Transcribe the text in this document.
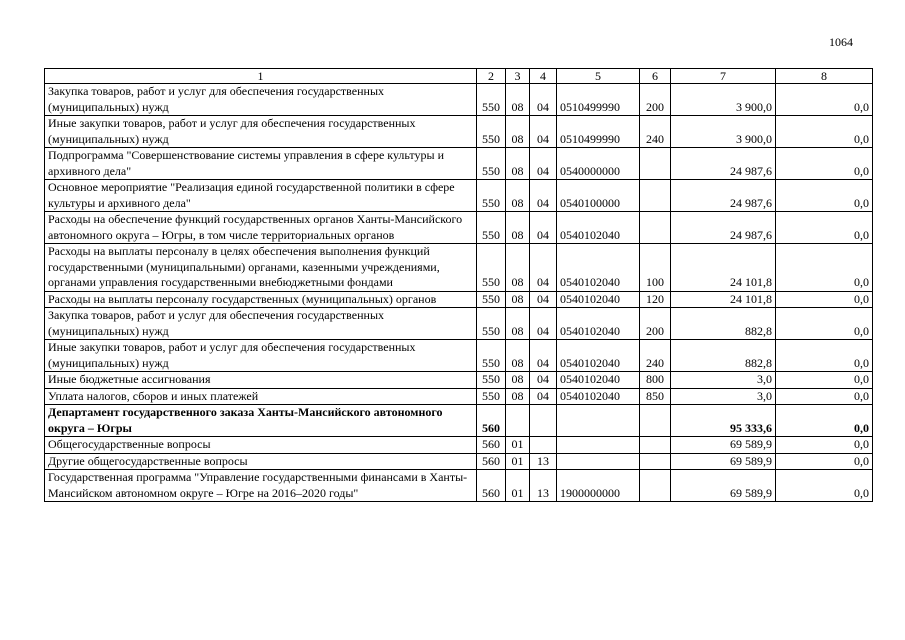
1064
1	2	3	4	5	6	7	8
Закупка товаров, работ и услуг для обеспечения государственных (муниципальных) нужд	550	08	04	0510499990	200	3 900,0	0,0
Иные закупки товаров, работ и услуг для обеспечения государственных (муниципальных) нужд	550	08	04	0510499990	240	3 900,0	0,0
Подпрограмма "Совершенствование системы управления в сфере культуры и архивного дела"	550	08	04	0540000000		24 987,6	0,0
Основное мероприятие "Реализация единой государственной политики в сфере культуры и архивного дела"	550	08	04	0540100000		24 987,6	0,0
Расходы на обеспечение функций государственных органов Ханты-Мансийского автономного округа – Югры, в том числе территориальных органов	550	08	04	0540102040		24 987,6	0,0
Расходы на выплаты персоналу в целях обеспечения выполнения функций государственными (муниципальными) органами, казенными учреждениями, органами управления государственными внебюджетными фондами	550	08	04	0540102040	100	24 101,8	0,0
Расходы на выплаты персоналу государственных (муниципальных) органов	550	08	04	0540102040	120	24 101,8	0,0
Закупка товаров, работ и услуг для обеспечения государственных (муниципальных) нужд	550	08	04	0540102040	200	882,8	0,0
Иные закупки товаров, работ и услуг для обеспечения государственных (муниципальных) нужд	550	08	04	0540102040	240	882,8	0,0
Иные бюджетные ассигнования	550	08	04	0540102040	800	3,0	0,0
Уплата налогов, сборов и иных платежей	550	08	04	0540102040	850	3,0	0,0
Департамент государственного заказа Ханты-Мансийского автономного округа – Югры	560					95 333,6	0,0
Общегосударственные вопросы	560	01				69 589,9	0,0
Другие общегосударственные вопросы	560	01	13			69 589,9	0,0
Государственная программа "Управление государственными финансами в Ханты-Мансийском автономном округе – Югре на 2016–2020 годы"	560	01	13	1900000000		69 589,9	0,0
